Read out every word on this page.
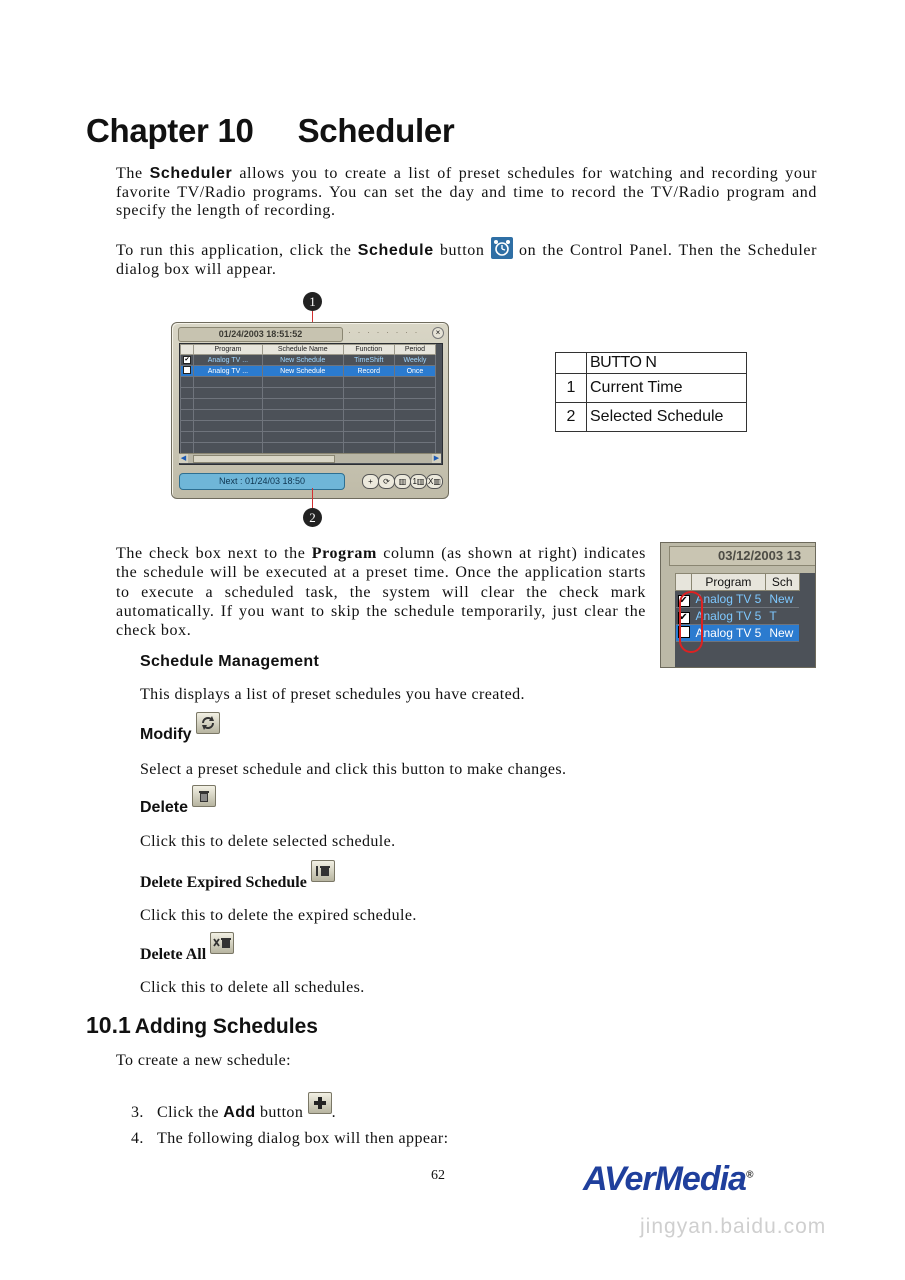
Chapter 10 Scheduler
The Scheduler allows you to create a list of preset schedules for watching and recording your favorite TV/Radio programs. You can set the day and time to record the TV/Radio program and specify the length of recording.
To run this application, click the Schedule button  on the Control Panel. Then the Scheduler dialog box will appear.
1
01/24/2003 18:51:52	· · · · · · · ·	×
	Program	Schedule Name	Function	Period
✔	Analog TV ...	New Schedule	TimeShift	Weekly
	Analog TV ...	New Schedule	Record	Once

◀	▶
Next : 01/24/03 18:50	+	⟳	▥ 1▥ X▥
2
	BUTTO N
1	Current Time
2	Selected Schedule
The check box next to the Program column (as shown at right) indicates the schedule will be executed at a preset time. Once the application starts to execute a scheduled task, the system will clear the check mark automatically. If you want to skip the schedule temporarily, just clear the check box.
03/12/2003 13
	Program	Sch
✔	Analog TV 5	New
✔	Analog TV 5	T
	Analog TV 5	New
Schedule Management
This displays a list of preset schedules you have created.
Modify
Select a preset schedule and click this button to make changes.
Delete
Click this to delete selected schedule.
Delete Expired Schedule
Click this to delete the expired schedule.
Delete All
Click this to delete all schedules.
10.1 Adding Schedules
To create a new schedule:
3. Click the Add button .
4. The following dialog box will then appear:
62	AVerMedia®
jingyan.baidu.com
